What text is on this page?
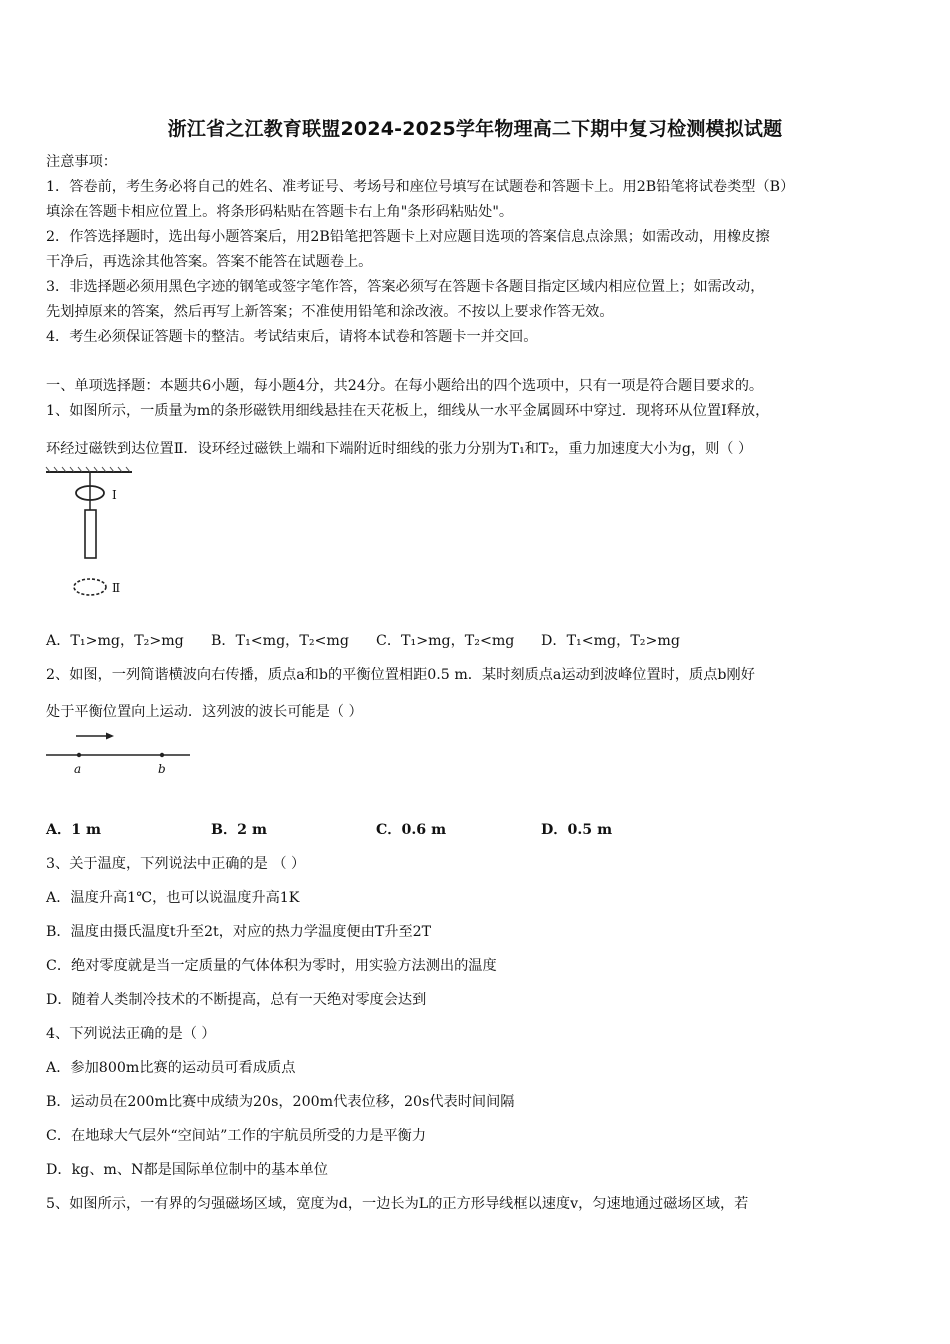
浙江省之江教育联盟2024-2025学年物理高二下期中复习检测模拟试题
注意事项：
1．答卷前，考生务必将自己的姓名、准考证号、考场号和座位号填写在试题卷和答题卡上。用2B铅笔将试卷类型（B）
填涂在答题卡相应位置上。将条形码粘贴在答题卡右上角"条形码粘贴处"。
2．作答选择题时，选出每小题答案后，用2B铅笔把答题卡上对应题目选项的答案信息点涂黑；如需改动，用橡皮擦
干净后，再选涂其他答案。答案不能答在试题卷上。
3．非选择题必须用黑色字迹的钢笔或签字笔作答，答案必须写在答题卡各题目指定区域内相应位置上；如需改动，
先划掉原来的答案，然后再写上新答案；不准使用铅笔和涂改液。不按以上要求作答无效。
4．考生必须保证答题卡的整洁。考试结束后，请将本试卷和答题卡一并交回。
一、单项选择题：本题共6小题，每小题4分，共24分。在每小题给出的四个选项中，只有一项是符合题目要求的。
1、如图所示，一质量为m的条形磁铁用细线悬挂在天花板上，细线从一水平金属圆环中穿过．现将环从位置Ⅰ释放，
环经过磁铁到达位置Ⅱ．设环经过磁铁上端和下端附近时细线的张力分别为T₁和T₂，重力加速度大小为g，则（ ）
Ⅰ
Ⅱ
A．T₁>mg，T₂>mg B．T₁<mg，T₂<mg C．T₁>mg，T₂<mg D．T₁<mg，T₂>mg
2、如图，一列简谐横波向右传播，质点a和b的平衡位置相距0.5 m．某时刻质点a运动到波峰位置时，质点b刚好
处于平衡位置向上运动．这列波的波长可能是（ ）
a	b
A．1 m	B．2 m	C．0.6 m	D．0.5 m
3、关于温度，下列说法中正确的是 （ ）
A．温度升高1℃，也可以说温度升高1K
B．温度由摄氏温度t升至2t，对应的热力学温度便由T升至2T
C．绝对零度就是当一定质量的气体体积为零时，用实验方法测出的温度
D．随着人类制冷技术的不断提高，总有一天绝对零度会达到
4、下列说法正确的是（ ）
A．参加800m比赛的运动员可看成质点
B．运动员在200m比赛中成绩为20s，200m代表位移，20s代表时间间隔
C．在地球大气层外“空间站”工作的宇航员所受的力是平衡力
D．kg、m、N都是国际单位制中的基本单位
5、如图所示，一有界的匀强磁场区域，宽度为d，一边长为L的正方形导线框以速度v，匀速地通过磁场区域，若
